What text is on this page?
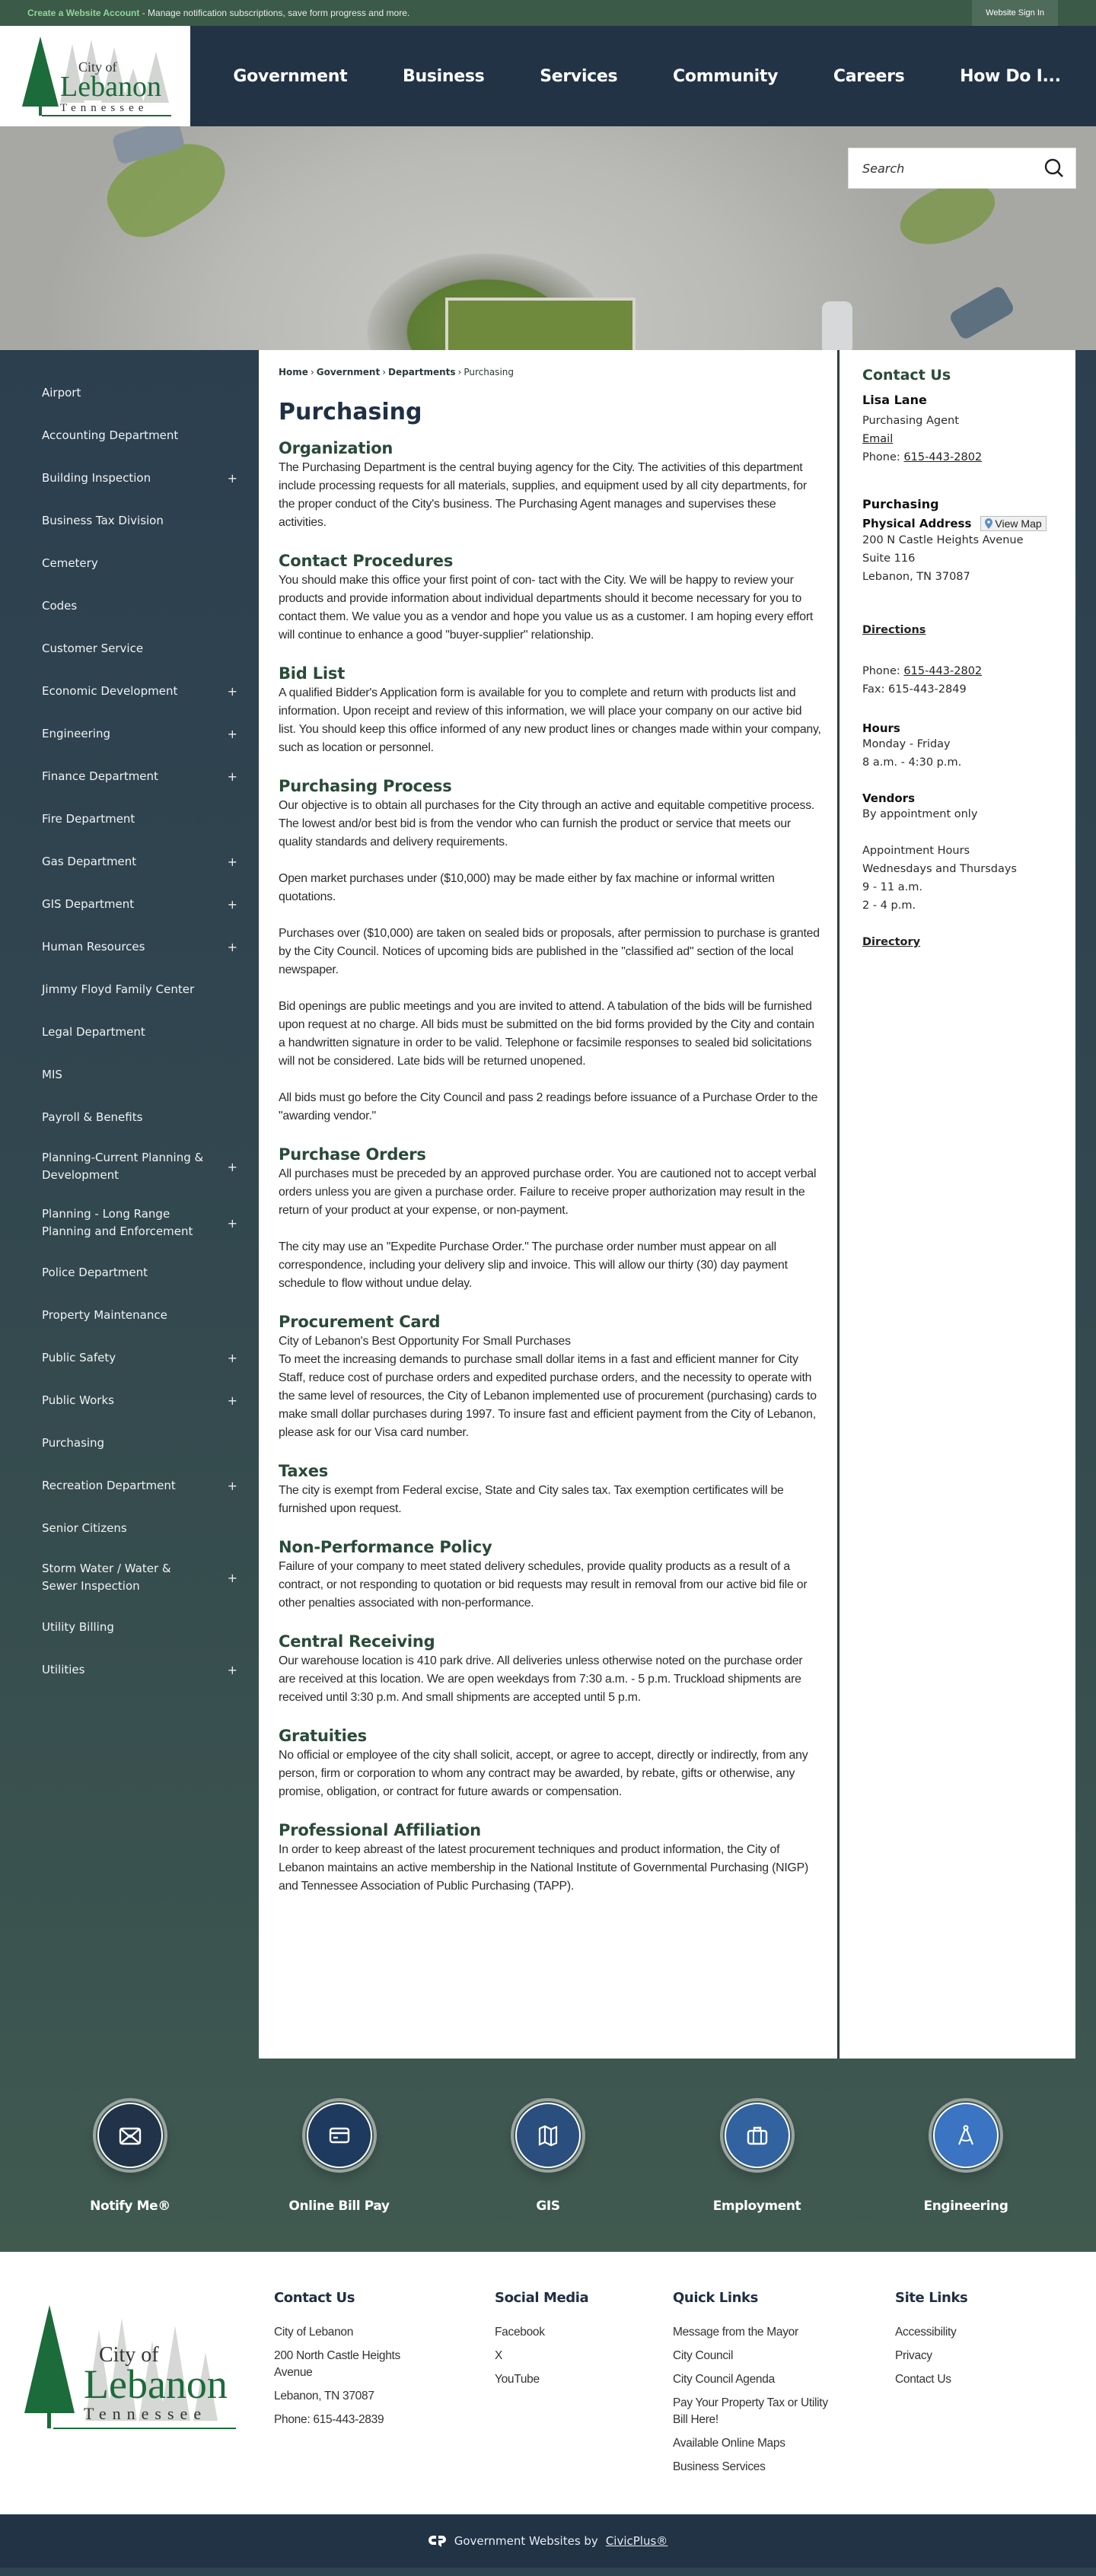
Create a Website Account - Manage notification subscriptions, save form progress and more.	Website Sign In
City of
Lebanon
Tennessee
Government	Business	Services	Community	Careers	How Do I...
Search
Airport
Accounting Department
Building Inspection	+
Business Tax Division
Cemetery
Codes
Customer Service
Economic Development	+
Engineering	+
Finance Department	+
Fire Department
Gas Department	+
GIS Department	+
Human Resources	+
Jimmy Floyd Family Center
Legal Department
MIS
Payroll & Benefits
Planning-Current Planning & Development
+
Planning - Long Range Planning and Enforcement
+
Police Department
Property Maintenance
Public Safety	+
Public Works	+
Purchasing
Recreation Department	+
Senior Citizens
Storm Water / Water & Sewer Inspection
+
Utility Billing
Utilities	+
Home › Government › Departments › Purchasing
Purchasing
Organization

The Purchasing Department is the central buying agency for the City. The activities of this department include processing requests for all materials, supplies, and equipment used by all city departments, for the proper conduct of the City's business. The Purchasing Agent manages and supervises these activities.

Contact Procedures

You should make this office your first point of con- tact with the City. We will be happy to review your products and provide information about individual departments should it become necessary for you to contact them. We value you as a vendor and hope you value us as a customer. I am hoping every effort will continue to enhance a good "buyer-supplier" relationship.

Bid List

A qualified Bidder's Application form is available for you to complete and return with products list and information. Upon receipt and review of this information, we will place your company on our active bid list. You should keep this office informed of any new product lines or changes made within your company, such as location or personnel.

Purchasing Process

Our objective is to obtain all purchases for the City through an active and equitable competitive process. The lowest and/or best bid is from the vendor who can furnish the product or service that meets our quality standards and delivery requirements.

Open market purchases under ($10,000) may be made either by fax machine or informal written quotations.

Purchases over ($10,000) are taken on sealed bids or proposals, after permission to purchase is granted by the City Council. Notices of upcoming bids are published in the "classified ad" section of the local newspaper.

Bid openings are public meetings and you are invited to attend. A tabulation of the bids will be furnished upon request at no charge. All bids must be submitted on the bid forms provided by the City and contain a handwritten signature in order to be valid. Telephone or facsimile responses to sealed bid solicitations will not be considered. Late bids will be returned unopened.

All bids must go before the City Council and pass 2 readings before issuance of a Purchase Order to the "awarding vendor."

Purchase Orders

All purchases must be preceded by an approved purchase order. You are cautioned not to accept verbal orders unless you are given a purchase order. Failure to receive proper authorization may result in the return of your product at your expense, or non-payment.

The city may use an "Expedite Purchase Order." The purchase order number must appear on all correspondence, including your delivery slip and invoice. This will allow our thirty (30) day payment schedule to flow without undue delay.

Procurement Card

City of Lebanon's Best Opportunity For Small Purchases

To meet the increasing demands to purchase small dollar items in a fast and efficient manner for City Staff, reduce cost of purchase orders and expedited purchase orders, and the necessity to operate with the same level of resources, the City of Lebanon implemented use of procurement (purchasing) cards to make small dollar purchases during 1997. To insure fast and efficient payment from the City of Lebanon, please ask for our Visa card number.

Taxes

The city is exempt from Federal excise, State and City sales tax. Tax exemption certificates will be furnished upon request.

Non-Performance Policy

Failure of your company to meet stated delivery schedules, provide quality products as a result of a contract, or not responding to quotation or bid requests may result in removal from our active bid file or other penalties associated with non-performance.

Central Receiving

Our warehouse location is 410 park drive. All deliveries unless otherwise noted on the purchase order are received at this location. We are open weekdays from 7:30 a.m. - 5 p.m. Truckload shipments are received until 3:30 p.m. And small shipments are accepted until 5 p.m.

Gratuities

No official or employee of the city shall solicit, accept, or agree to accept, directly or indirectly, from any person, firm or corporation to whom any contract may be awarded, by rebate, gifts or otherwise, any promise, obligation, or contract for future awards or compensation.

Professional Affiliation

In order to keep abreast of the latest procurement techniques and product information, the City of Lebanon maintains an active membership in the National Institute of Governmental Purchasing (NIGP) and Tennessee Association of Public Purchasing (TAPP).

Contact Us
Lisa Lane
Purchasing Agent
Email
Phone: 615-443-2802
Purchasing
Physical Address View Map
200 N Castle Heights Avenue
Suite 116
Lebanon, TN 37087
Directions
Phone: 615-443-2802
Fax: 615-443-2849
Hours
Monday - Friday
8 a.m. - 4:30 p.m.
Vendors
By appointment only
Appointment Hours
Wednesdays and Thursdays
9 - 11 a.m.
2 - 4 p.m.
Directory
Notify Me®	Online Bill Pay	GIS	Employment	Engineering
City of
Lebanon
Tennessee
Contact Us
City of Lebanon
200 North Castle Heights Avenue
Lebanon, TN 37087
Phone: 615-443-2839
Social Media
Facebook
X
YouTube
Quick Links
Message from the Mayor
City Council
City Council Agenda
Pay Your Property Tax or Utility Bill Here!
Available Online Maps
Business Services
Site Links
Accessibility
Privacy
Contact Us
Government Websites by CivicPlus®
